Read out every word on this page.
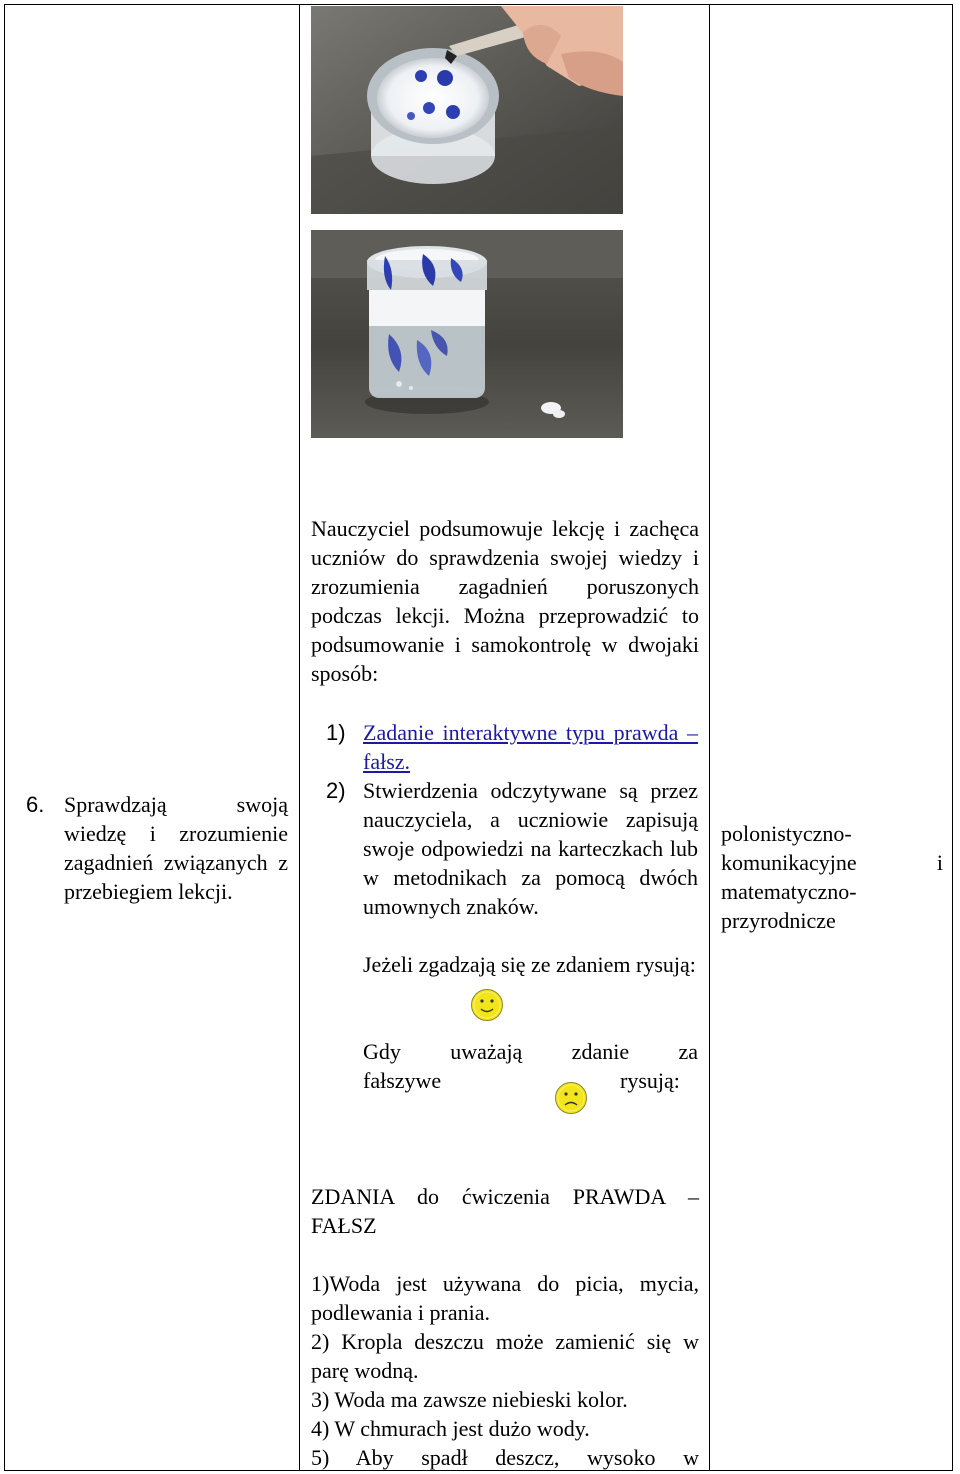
6. Sprawdzają swoją wiedzę i zrozumienie zagadnień związanych z przebiegiem lekcji.
Nauczyciel podsumowuje lekcję i zachęca uczniów do sprawdzenia swojej wiedzy i zrozumienia zagadnień poruszonych podczas lekcji. Można przeprowadzić to podsumowanie i samokontrolę w dwojaki sposób:
1) Zadanie interaktywne typu prawda – fałsz.
2) Stwierdzenia odczytywane są przez nauczyciela, a uczniowie zapisują swoje odpowiedzi na karteczkach lub w metodnikach za pomocą dwóch umownych znaków.
Jeżeli zgadzają się ze zdaniem rysują:
Gdy uważają zdanie za
fałszywe	rysują:
ZDANIA do ćwiczenia PRAWDA – FAŁSZ
1)Woda jest używana do picia, mycia, podlewania i prania.
2) Kropla deszczu może zamienić się w parę wodną.
3) Woda ma zawsze niebieski kolor.
4) W chmurach jest dużo wody.
5) Aby spadł deszcz, wysoko w
polonistyczno-
komunikacyjne	i
matematyczno-
przyrodnicze
